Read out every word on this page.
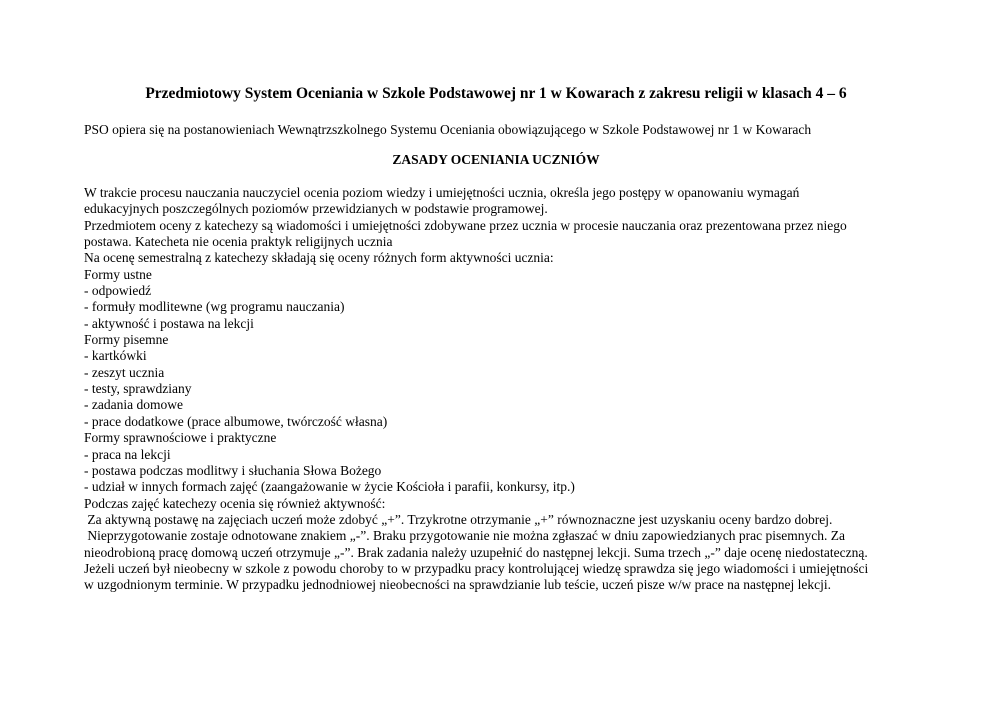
Przedmiotowy System Oceniania w Szkole Podstawowej nr 1 w Kowarach z zakresu religii w klasach 4 – 6
PSO opiera się na postanowieniach Wewnątrzszkolnego Systemu Oceniania obowiązującego w Szkole Podstawowej nr 1 w Kowarach
ZASADY OCENIANIA UCZNIÓW
W trakcie procesu nauczania nauczyciel ocenia poziom wiedzy i umiejętności ucznia, określa jego postępy w opanowaniu wymagań
edukacyjnych poszczególnych poziomów przewidzianych w podstawie programowej.
Przedmiotem oceny z katechezy są wiadomości i umiejętności zdobywane przez ucznia w procesie nauczania oraz prezentowana przez niego
postawa. Katecheta nie ocenia praktyk religijnych ucznia
Na ocenę semestralną z katechezy składają się oceny różnych form aktywności ucznia:
Formy ustne
- odpowiedź
- formuły modlitewne (wg programu nauczania)
- aktywność i postawa na lekcji
Formy pisemne
- kartkówki
- zeszyt ucznia
- testy, sprawdziany
- zadania domowe
- prace dodatkowe (prace albumowe, twórczość własna)
Formy sprawnościowe i praktyczne
- praca na lekcji
- postawa podczas modlitwy i słuchania Słowa Bożego
- udział w innych formach zajęć (zaangażowanie w życie Kościoła i parafii, konkursy, itp.)
Podczas zajęć katechezy ocenia się również aktywność:
Za aktywną postawę na zajęciach uczeń może zdobyć „+”. Trzykrotne otrzymanie „+” równoznaczne jest uzyskaniu oceny bardzo dobrej.
Nieprzygotowanie zostaje odnotowane znakiem „-”. Braku przygotowanie nie można zgłaszać w dniu zapowiedzianych prac pisemnych. Za
nieodrobioną pracę domową uczeń otrzymuje „-”. Brak zadania należy uzupełnić do następnej lekcji. Suma trzech „-” daje ocenę niedostateczną.
Jeżeli uczeń był nieobecny w szkole z powodu choroby to w przypadku pracy kontrolującej wiedzę sprawdza się jego wiadomości i umiejętności
w uzgodnionym terminie. W przypadku jednodniowej nieobecności na sprawdzianie lub teście, uczeń pisze w/w prace na następnej lekcji.
